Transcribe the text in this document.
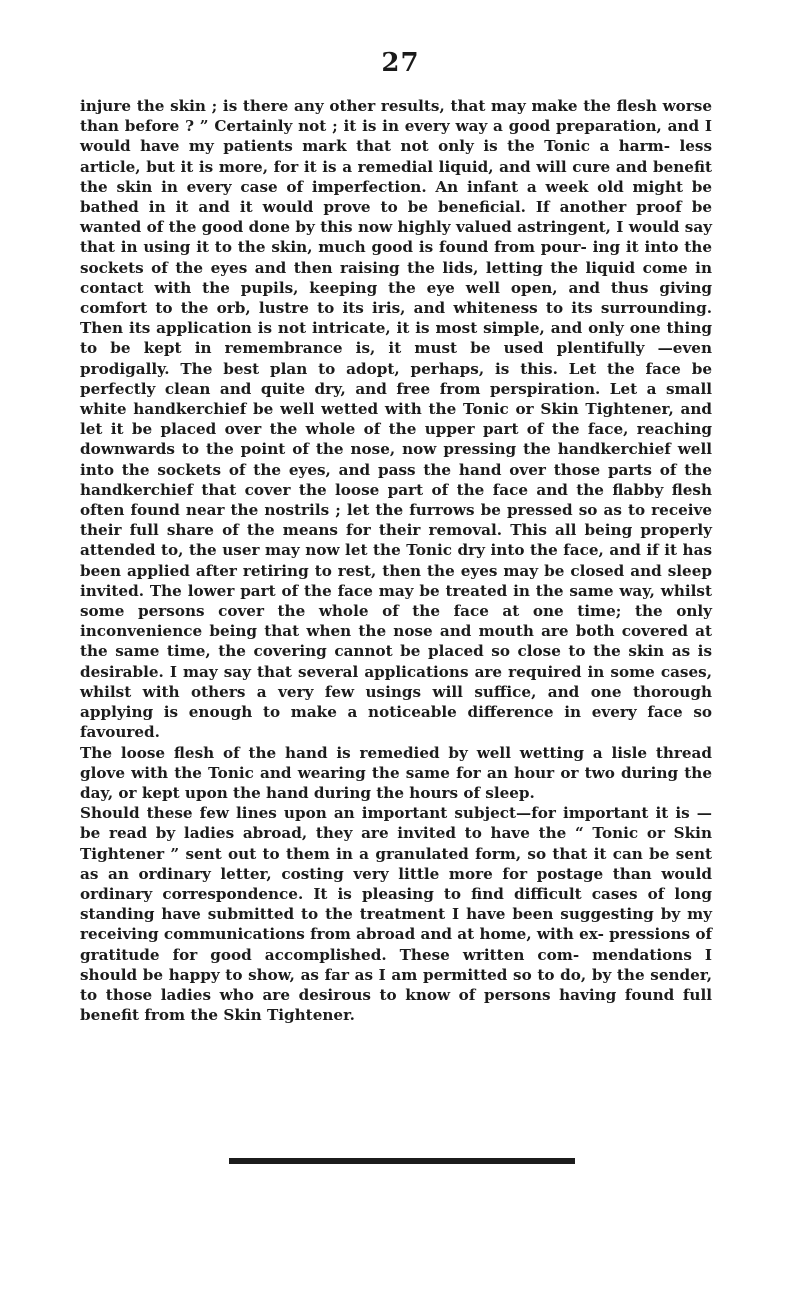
27

injure the skin ; is there any other results, that may make the flesh worse than before ? ” Certainly not ; it is in every way a good preparation, and I would have my patients mark that not only is the Tonic a harm- less article, but it is more, for it is a remedial liquid, and will cure and benefit the skin in every case of imperfection. An infant a week old might be bathed in it and it would prove to be beneficial. If another proof be wanted of the good done by this now highly valued astringent, I would say that in using it to the skin, much good is found from pour- ing it into the sockets of the eyes and then raising the lids, letting the liquid come in contact with the pupils, keeping the eye well open, and thus giving comfort to the orb, lustre to its iris, and whiteness to its surrounding. Then its application is not intricate, it is most simple, and only one thing to be kept in remembrance is, it must be used plentifully —even prodigally. The best plan to adopt, perhaps, is this. Let the face be perfectly clean and quite dry, and free from perspiration. Let a small white handkerchief be well wetted with the Tonic or Skin Tightener, and let it be placed over the whole of the upper part of the face, reaching downwards to the point of the nose, now pressing the handkerchief well into the sockets of the eyes, and pass the hand over those parts of the handkerchief that cover the loose part of the face and the flabby flesh often found near the nostrils ; let the furrows be pressed so as to receive their full share of the means for their removal. This all being properly attended to, the user may now let the Tonic dry into the face, and if it has been applied after retiring to rest, then the eyes may be closed and sleep invited. The lower part of the face may be treated in the same way, whilst some persons cover the whole of the face at one time; the only inconvenience being that when the nose and mouth are both covered at the same time, the covering cannot be placed so close to the skin as is desirable. I may say that several applications are required in some cases, whilst with others a very few usings will suffice, and one thorough applying is enough to make a noticeable difference in every face so favoured.

The loose flesh of the hand is remedied by well wetting a lisle thread glove with the Tonic and wearing the same for an hour or two during the day, or kept upon the hand during the hours of sleep.

Should these few lines upon an important subject—for important it is —be read by ladies abroad, they are invited to have the “ Tonic or Skin Tightener ” sent out to them in a granulated form, so that it can be sent as an ordinary letter, costing very little more for postage than would ordinary correspondence. It is pleasing to find difficult cases of long standing have submitted to the treatment I have been suggesting by my receiving communications from abroad and at home, with ex- pressions of gratitude for good accomplished. These written com- mendations I should be happy to show, as far as I am permitted so to do, by the sender, to those ladies who are desirous to know of persons having found full benefit from the Skin Tightener.
